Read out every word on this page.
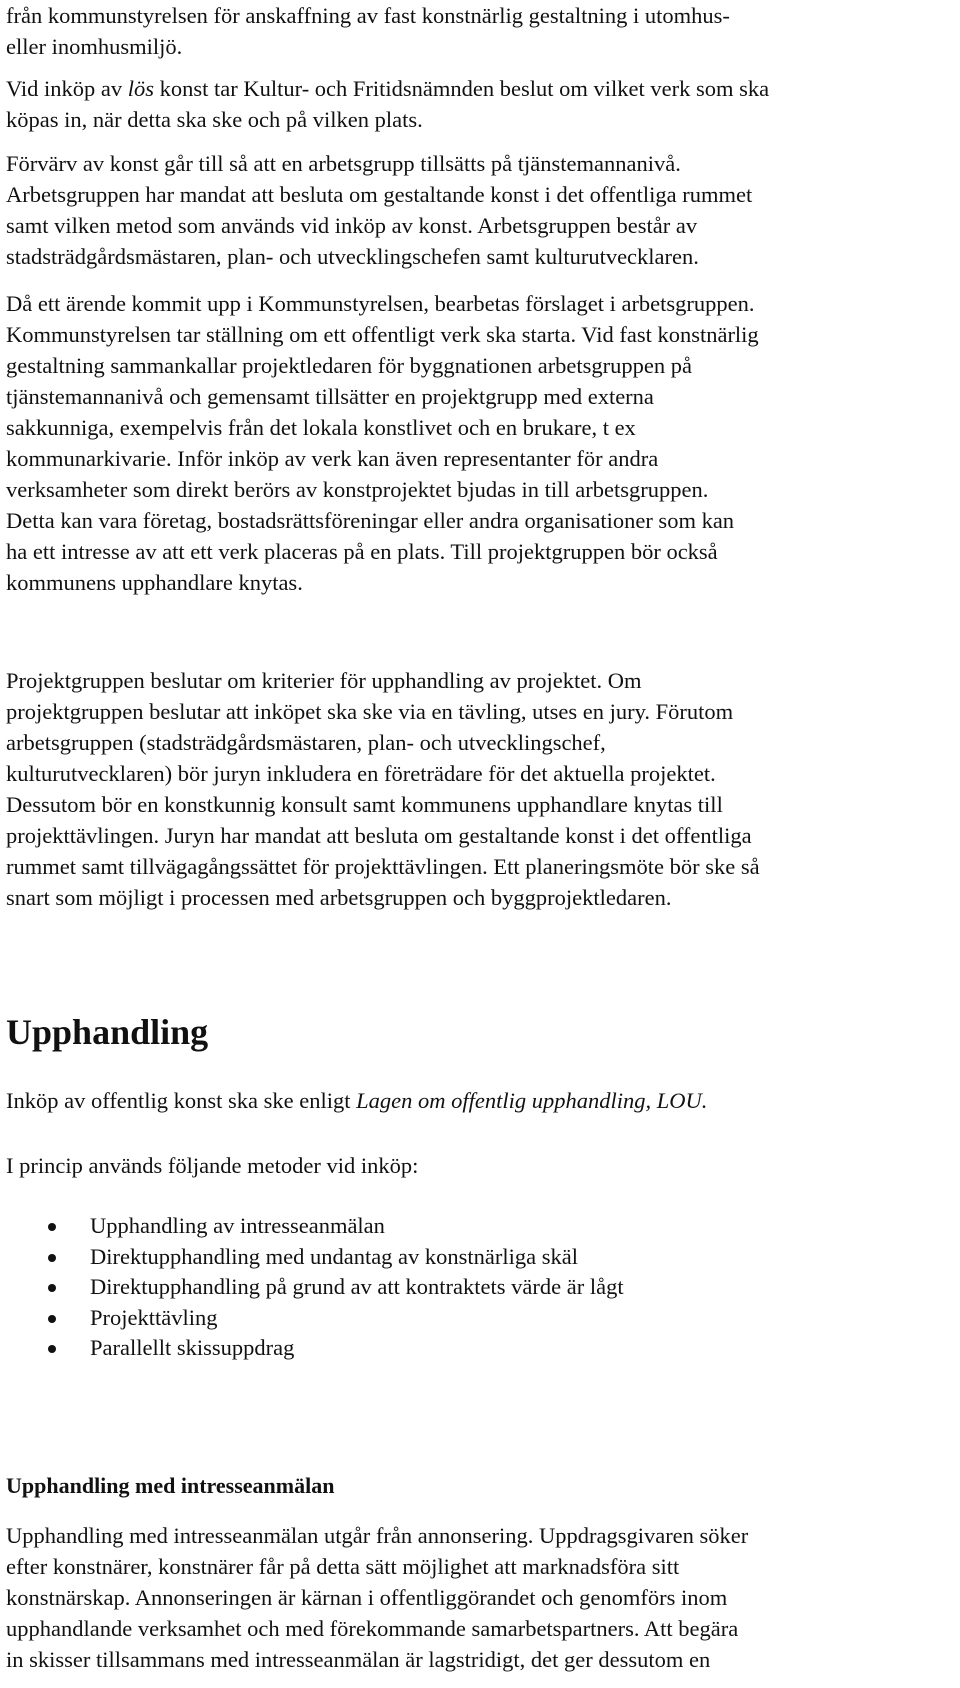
från kommunstyrelsen för anskaffning av fast konstnärlig gestaltning i utomhus-
eller inomhusmiljö.

Vid inköp av lös konst tar Kultur- och Fritidsnämnden beslut om vilket verk som ska
köpas in, när detta ska ske och på vilken plats.

Förvärv av konst går till så att en arbetsgrupp tillsätts på tjänstemannanivå.
Arbetsgruppen har mandat att besluta om gestaltande konst i det offentliga rummet
samt vilken metod som används vid inköp av konst. Arbetsgruppen består av
stadsträdgårdsmästaren, plan- och utvecklingschefen samt kulturutvecklaren.

Då ett ärende kommit upp i Kommunstyrelsen, bearbetas förslaget i arbetsgruppen.
Kommunstyrelsen tar ställning om ett offentligt verk ska starta. Vid fast konstnärlig
gestaltning sammankallar projektledaren för byggnationen arbetsgruppen på
tjänstemannanivå och gemensamt tillsätter en projektgrupp med externa
sakkunniga, exempelvis från det lokala konstlivet och en brukare, t ex
kommunarkivarie. Inför inköp av verk kan även representanter för andra
verksamheter som direkt berörs av konstprojektet bjudas in till arbetsgruppen.
Detta kan vara företag, bostadsrättsföreningar eller andra organisationer som kan
ha ett intresse av att ett verk placeras på en plats. Till projektgruppen bör också
kommunens upphandlare knytas.

Projektgruppen beslutar om kriterier för upphandling av projektet. Om
projektgruppen beslutar att inköpet ska ske via en tävling, utses en jury. Förutom
arbetsgruppen (stadsträdgårdsmästaren, plan- och utvecklingschef,
kulturutvecklaren) bör juryn inkludera en företrädare för det aktuella projektet.
Dessutom bör en konstkunnig konsult samt kommunens upphandlare knytas till
projekttävlingen. Juryn har mandat att besluta om gestaltande konst i det offentliga
rummet samt tillvägagångssättet för projekttävlingen. Ett planeringsmöte bör ske så
snart som möjligt i processen med arbetsgruppen och byggprojektledaren.

Upphandling

Inköp av offentlig konst ska ske enligt Lagen om offentlig upphandling, LOU.

I princip används följande metoder vid inköp:

Upphandling av intresseanmälan
Direktupphandling med undantag av konstnärliga skäl
Direktupphandling på grund av att kontraktets värde är lågt
Projekttävling
Parallellt skissuppdrag
Upphandling med intresseanmälan

Upphandling med intresseanmälan utgår från annonsering. Uppdragsgivaren söker
efter konstnärer, konstnärer får på detta sätt möjlighet att marknadsföra sitt
konstnärskap. Annonseringen är kärnan i offentliggörandet och genomförs inom
upphandlande verksamhet och med förekommande samarbetspartners. Att begära
in skisser tillsammans med intresseanmälan är lagstridigt, det ger dessutom en
